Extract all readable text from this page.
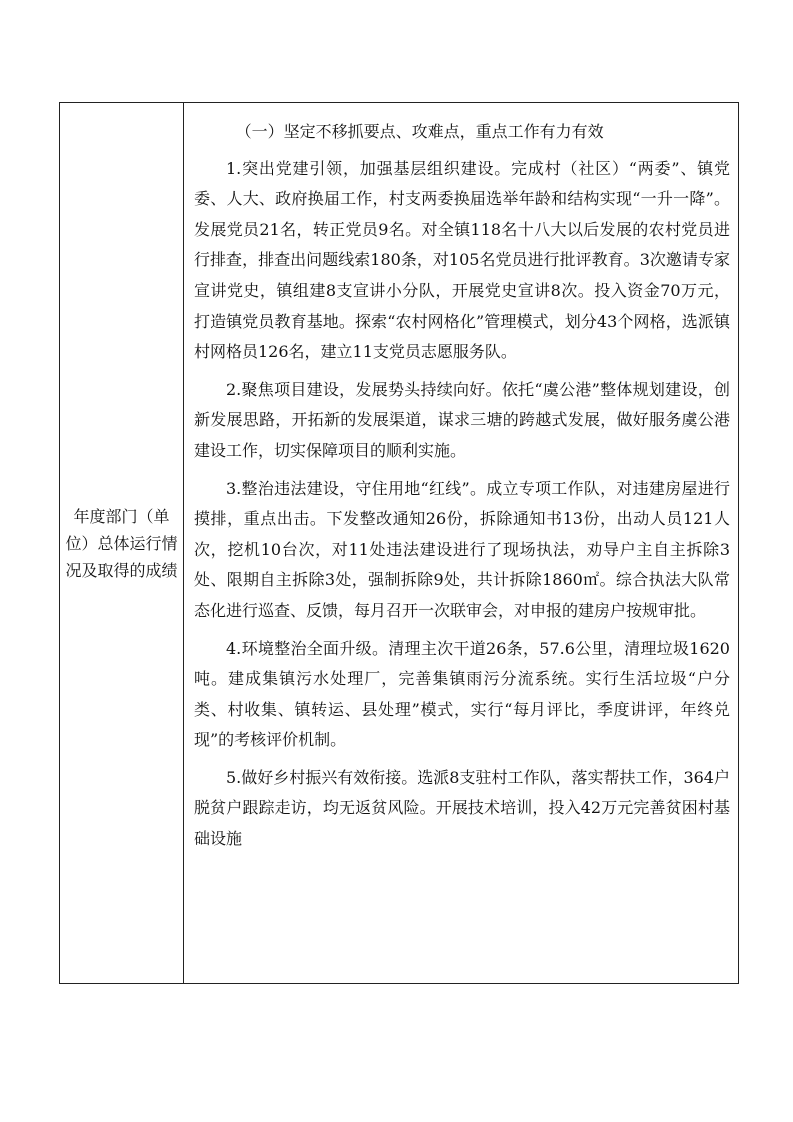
年度部门（单位）总体运行情况及取得的成绩

（一）坚定不移抓要点、攻难点，重点工作有力有效

1.突出党建引领，加强基层组织建设。完成村（社区）“两委”、镇党委、人大、政府换届工作，村支两委换届选举年龄和结构实现“一升一降”。发展党员21名，转正党员9名。对全镇118名十八大以后发展的农村党员进行排查，排查出问题线索180条，对105名党员进行批评教育。3次邀请专家宣讲党史，镇组建8支宣讲小分队，开展党史宣讲8次。投入资金70万元，打造镇党员教育基地。探索“农村网格化”管理模式，划分43个网格，选派镇村网格员126名，建立11支党员志愿服务队。

2.聚焦项目建设，发展势头持续向好。依托“虞公港”整体规划建设，创新发展思路，开拓新的发展渠道，谋求三塘的跨越式发展，做好服务虞公港建设工作，切实保障项目的顺利实施。

3.整治违法建设，守住用地“红线”。成立专项工作队，对违建房屋进行摸排，重点出击。下发整改通知26份，拆除通知书13份，出动人员121人次，挖机10台次，对11处违法建设进行了现场执法，劝导户主自主拆除3处、限期自主拆除3处，强制拆除9处，共计拆除1860㎡。综合执法大队常态化进行巡查、反馈，每月召开一次联审会，对申报的建房户按规审批。

4.环境整治全面升级。清理主次干道26条，57.6公里，清理垃圾1620吨。建成集镇污水处理厂，完善集镇雨污分流系统。实行生活垃圾“户分类、村收集、镇转运、县处理”模式，实行“每月评比，季度讲评，年终兑现”的考核评价机制。

5.做好乡村振兴有效衔接。选派8支驻村工作队，落实帮扶工作，364户脱贫户跟踪走访，均无返贫风险。开展技术培训，投入42万元完善贫困村基础设施
